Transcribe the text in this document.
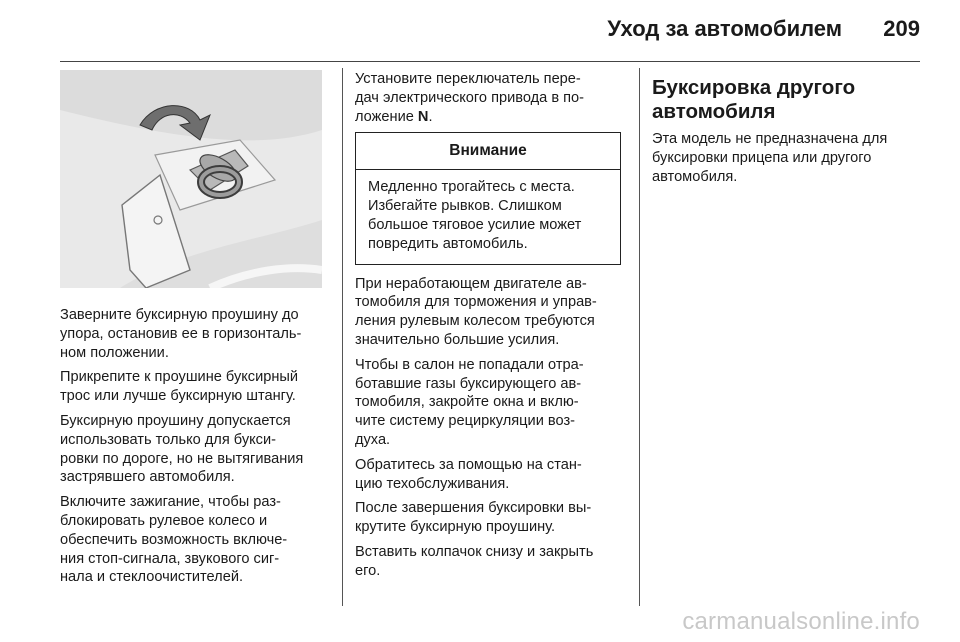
Уход за автомобилем 209

Заверните буксирную проушину до
упора, остановив ее в горизонталь-
ном положении.

Прикрепите к проушине буксирный
трос или лучше буксирную штангу.

Буксирную проушину допускается
использовать только для букси-
ровки по дороге, но не вытягивания
застрявшего автомобиля.

Включите зажигание, чтобы раз-
блокировать рулевое колесо и
обеспечить возможность включе-
ния стоп-сигнала, звукового сиг-
нала и стеклоочистителей.

Установите переключатель пере-
дач электрического привода в по-
ложение N.

Внимание

Медленно трогайтесь с места.
Избегайте рывков. Слишком
большое тяговое усилие может
повредить автомобиль.

При неработающем двигателе ав-
томобиля для торможения и управ-
ления рулевым колесом требуются
значительно большие усилия.

Чтобы в салон не попадали отра-
ботавшие газы буксирующего ав-
томобиля, закройте окна и вклю-
чите систему рециркуляции воз-
духа.

Обратитесь за помощью на стан-
цию техобслуживания.

После завершения буксировки вы-
крутите буксирную проушину.

Вставить колпачок снизу и закрыть
его.

Буксировка другого
автомобиля

Эта модель не предназначена для
буксировки прицепа или другого
автомобиля.

carmanualsonline.info
